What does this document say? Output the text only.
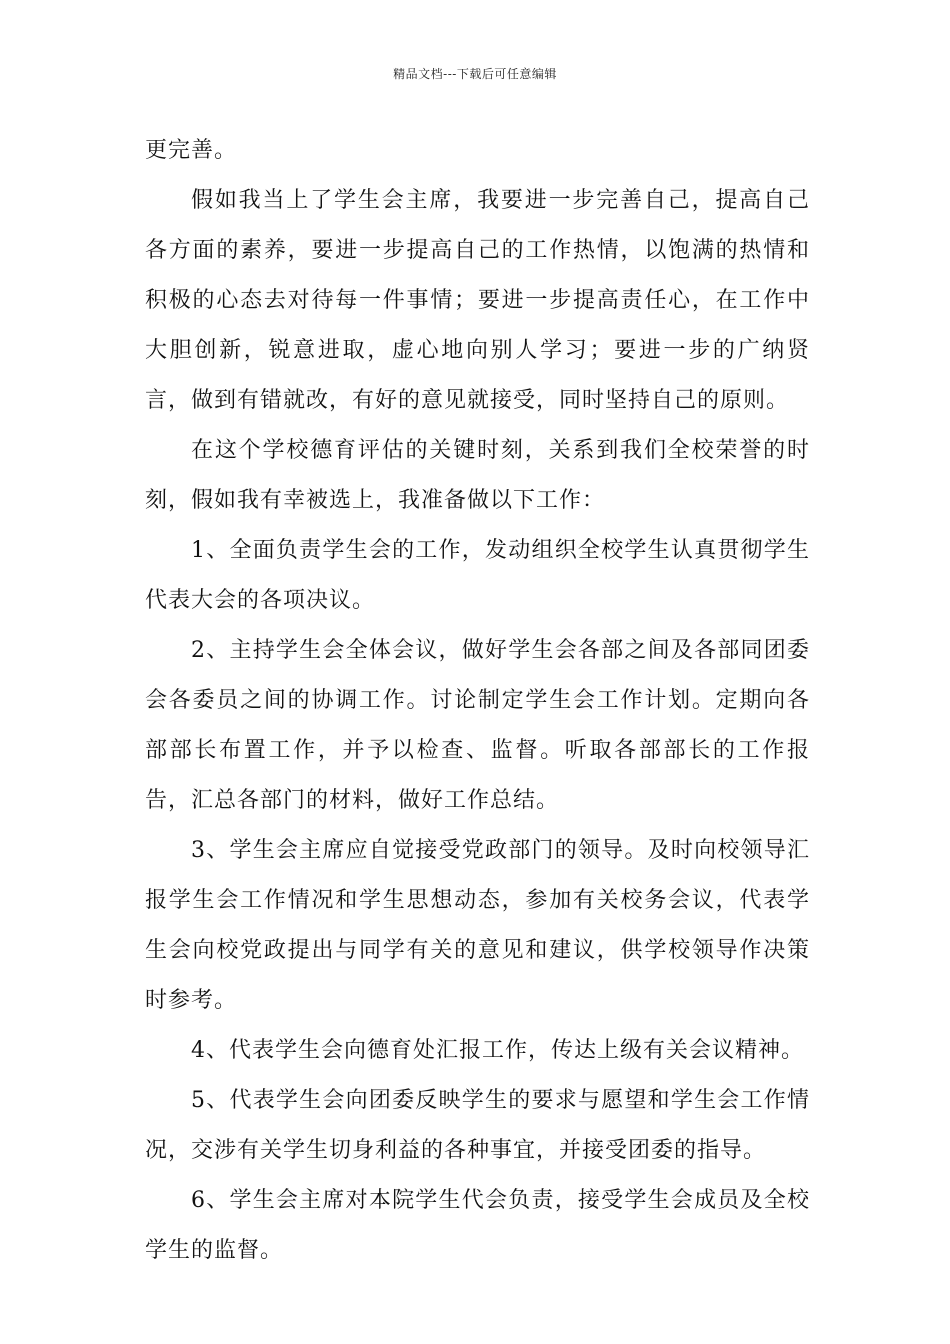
精品文档---下载后可任意编辑

更完善。

假如我当上了学生会主席，我要进一步完善自己，提高自己各方面的素养，要进一步提高自己的工作热情，以饱满的热情和积极的心态去对待每一件事情；要进一步提高责任心，在工作中大胆创新，锐意进取，虚心地向别人学习；要进一步的广纳贤言，做到有错就改，有好的意见就接受，同时坚持自己的原则。

在这个学校德育评估的关键时刻，关系到我们全校荣誉的时刻，假如我有幸被选上，我准备做以下工作：

1、全面负责学生会的工作，发动组织全校学生认真贯彻学生代表大会的各项决议。

2、主持学生会全体会议，做好学生会各部之间及各部同团委会各委员之间的协调工作。讨论制定学生会工作计划。定期向各部部长布置工作，并予以检查、监督。听取各部部长的工作报告，汇总各部门的材料，做好工作总结。

3、学生会主席应自觉接受党政部门的领导。及时向校领导汇报学生会工作情况和学生思想动态，参加有关校务会议，代表学生会向校党政提出与同学有关的意见和建议，供学校领导作决策时参考。

4、代表学生会向德育处汇报工作，传达上级有关会议精神。

5、代表学生会向团委反映学生的要求与愿望和学生会工作情况，交涉有关学生切身利益的各种事宜，并接受团委的指导。

6、学生会主席对本院学生代会负责，接受学生会成员及全校学生的监督。
